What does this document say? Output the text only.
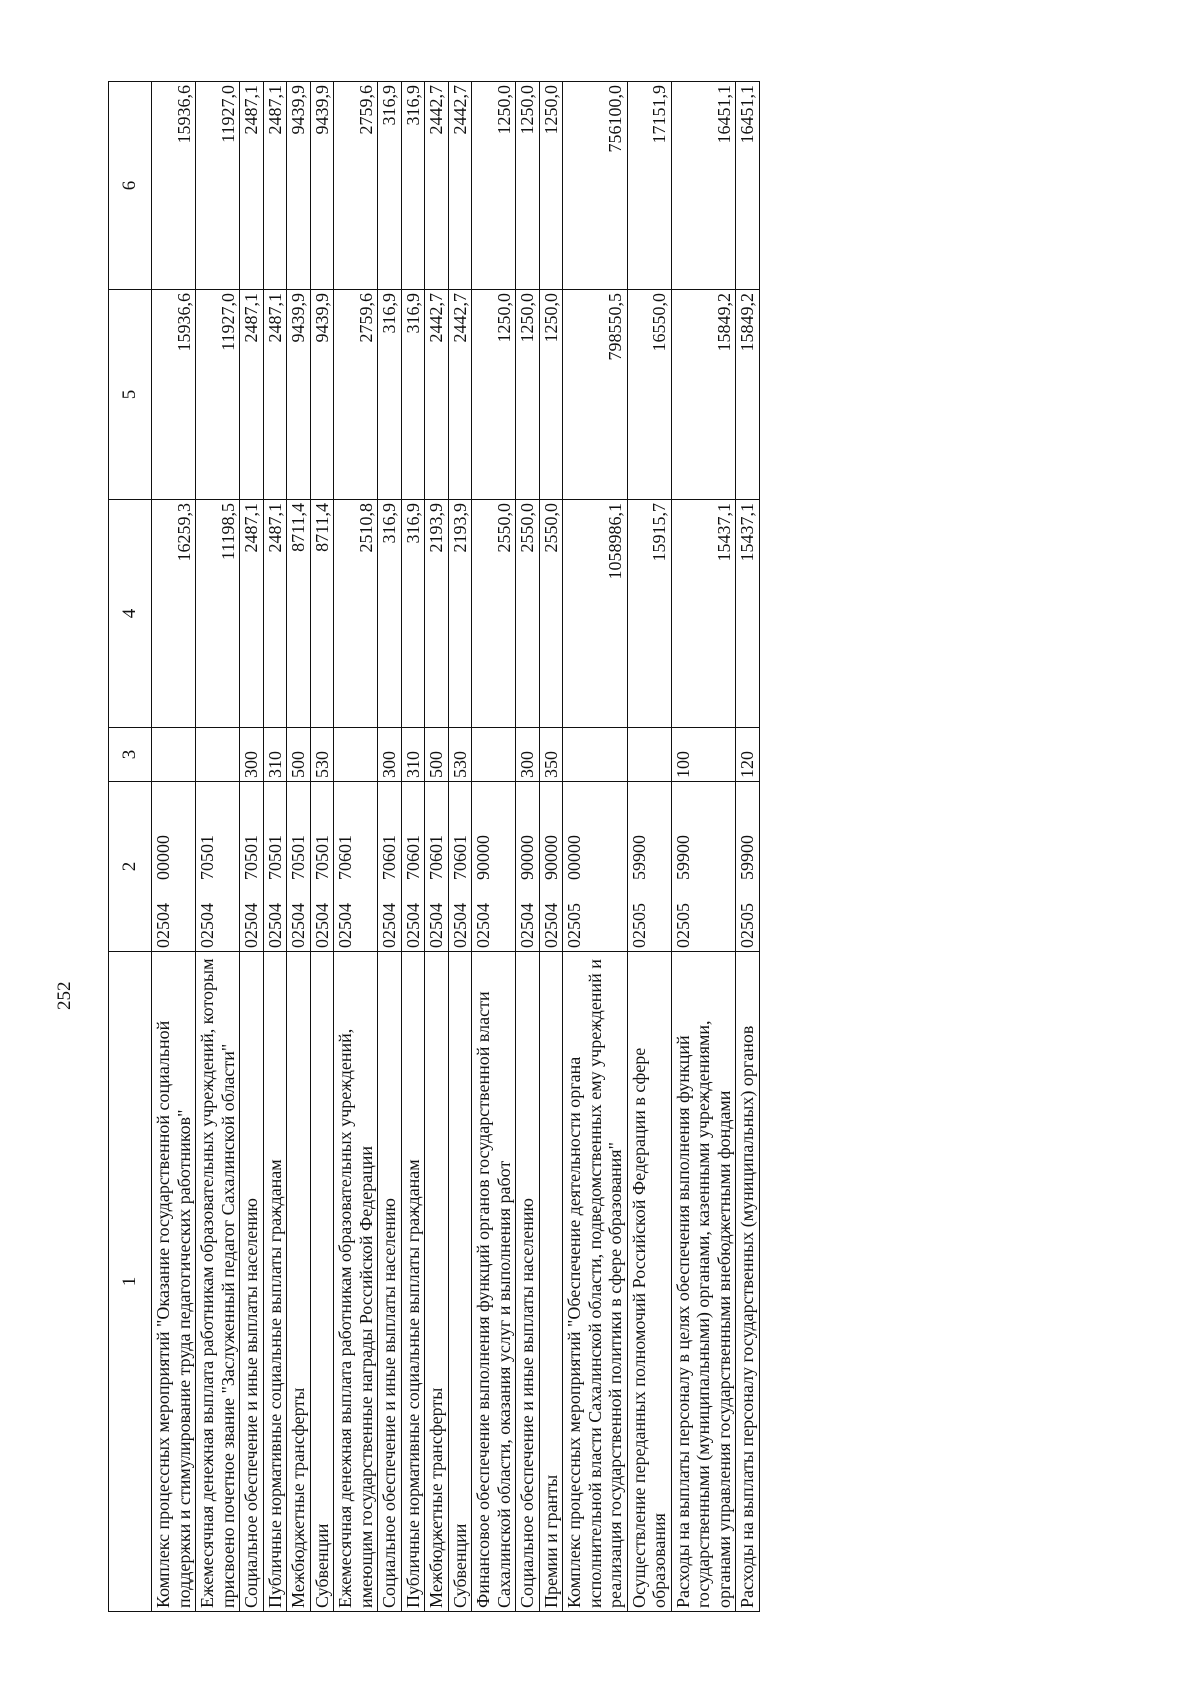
252
1	2	3	4	5	6
Комплекс процессных мероприятий "Оказание государственной социальной поддержки и стимулирование труда педагогических работников"	0250400000		16259,3	15936,6	15936,6
Ежемесячная денежная выплата работникам образовательных учреждений, которым присвоено почетное звание "Заслуженный педагог Сахалинской области"	0250470501		11198,5	11927,0	11927,0
Социальное обеспечение и иные выплаты населению	0250470501	300	2487,1	2487,1	2487,1
Публичные нормативные социальные выплаты гражданам	0250470501	310	2487,1	2487,1	2487,1
Межбюджетные трансферты	0250470501	500	8711,4	9439,9	9439,9
Субвенции	0250470501	530	8711,4	9439,9	9439,9
Ежемесячная денежная выплата работникам образовательных учреждений, имеющим государственные награды Российской Федерации	0250470601		2510,8	2759,6	2759,6
Социальное обеспечение и иные выплаты населению	0250470601	300	316,9	316,9	316,9
Публичные нормативные социальные выплаты гражданам	0250470601	310	316,9	316,9	316,9
Межбюджетные трансферты	0250470601	500	2193,9	2442,7	2442,7
Субвенции	0250470601	530	2193,9	2442,7	2442,7
Финансовое обеспечение выполнения функций органов государственной власти Сахалинской области, оказания услуг и выполнения работ	0250490000		2550,0	1250,0	1250,0
Социальное обеспечение и иные выплаты населению	0250490000	300	2550,0	1250,0	1250,0
Премии и гранты	0250490000	350	2550,0	1250,0	1250,0
Комплекс процессных мероприятий "Обеспечение деятельности органа исполнительной власти Сахалинской области, подведомственных ему учреждений и реализация государственной политики в сфере образования"	0250500000		1058986,1	798550,5	756100,0
Осуществление переданных полномочий Российской Федерации в сфере образования	0250559900		15915,7	16550,0	17151,9
Расходы на выплаты персоналу в целях обеспечения выполнения функций государственными (муниципальными) органами, казенными учреждениями, органами управления государственными внебюджетными фондами	0250559900	100	15437,1	15849,2	16451,1
Расходы на выплаты персоналу государственных (муниципальных) органов	0250559900	120	15437,1	15849,2	16451,1
